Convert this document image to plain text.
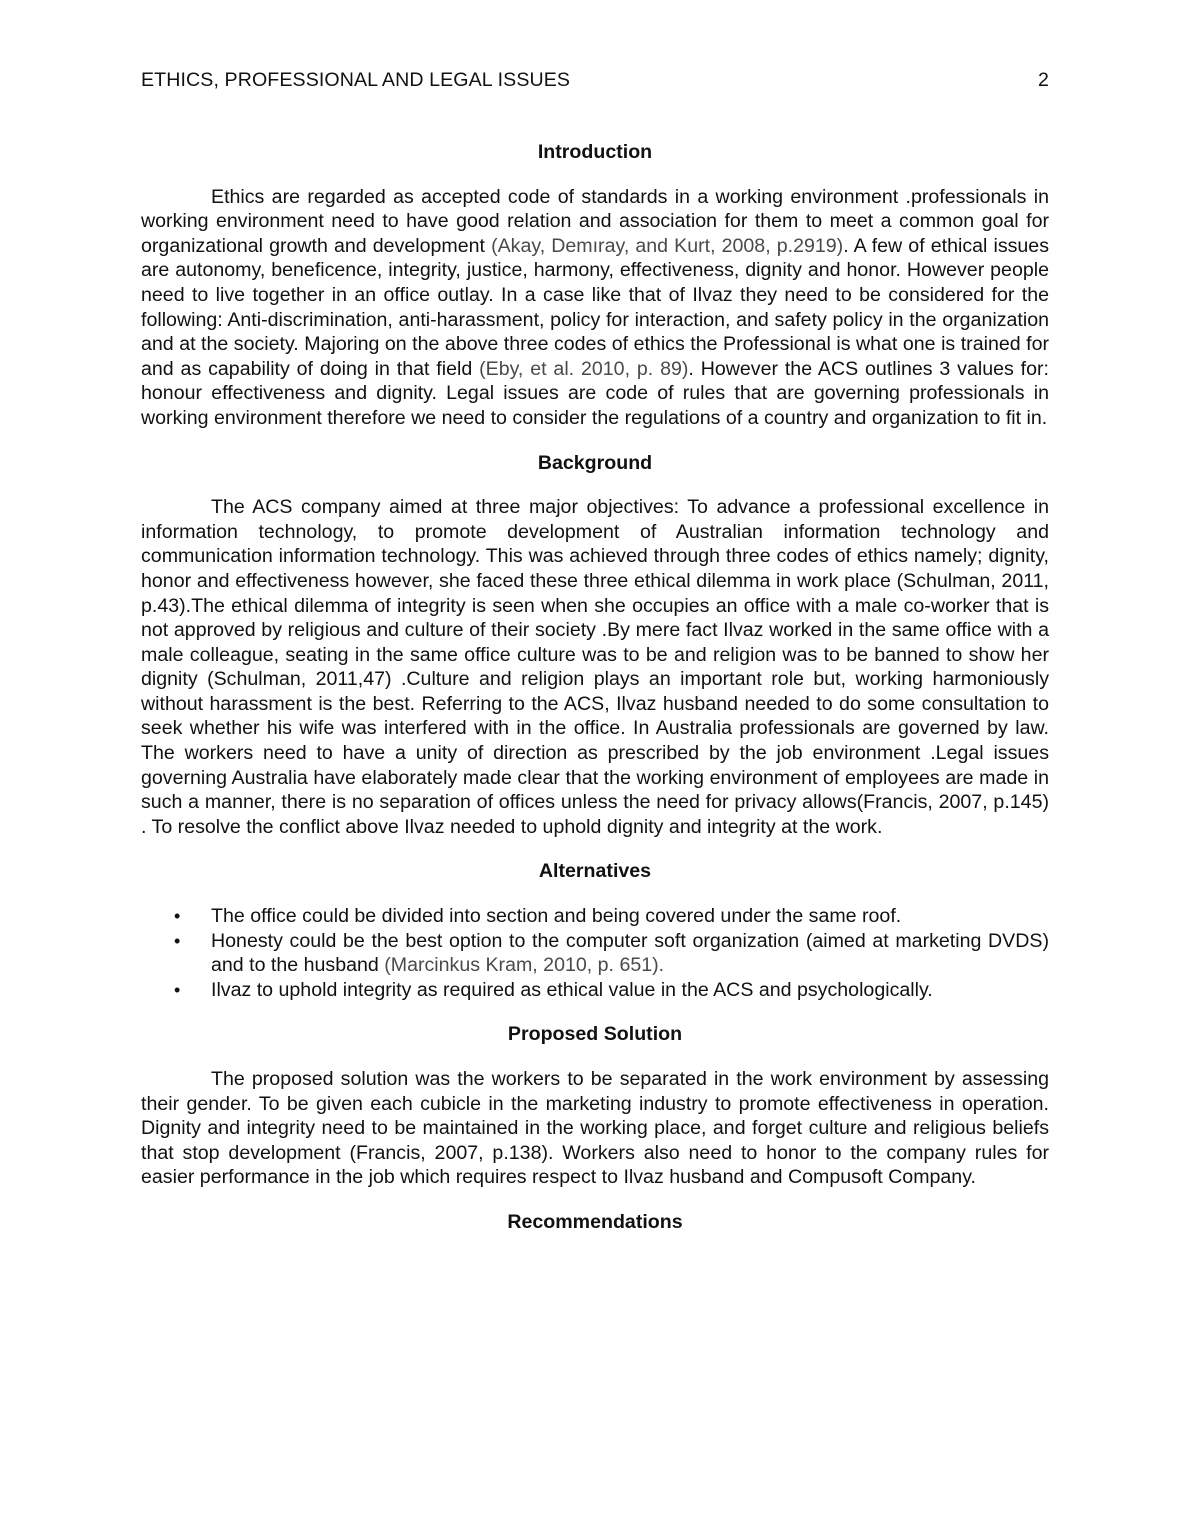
ETHICS, PROFESSIONAL AND LEGAL ISSUES	2
Introduction

Ethics are regarded as accepted code of standards in a working environment .professionals in working environment need to have good relation and association for them to meet a common goal for organizational growth and development (Akay, Demıray, and Kurt, 2008, p.2919). A few of ethical issues are autonomy, beneficence, integrity, justice, harmony, effectiveness, dignity and honor. However people need to live together in an office outlay. In a case like that of Ilvaz they need to be considered for the following: Anti-discrimination, anti-harassment, policy for interaction, and safety policy in the organization and at the society. Majoring on the above three codes of ethics the Professional is what one is trained for and as capability of doing in that field (Eby, et al. 2010, p. 89). However the ACS outlines 3 values for: honour effectiveness and dignity. Legal issues are code of rules that are governing professionals in working environment therefore we need to consider the regulations of a country and organization to fit in.

Background

The ACS company aimed at three major objectives: To advance a professional excellence in information technology, to promote development of Australian information technology and communication information technology. This was achieved through three codes of ethics namely; dignity, honor and effectiveness however, she faced these three ethical dilemma in work place (Schulman, 2011, p.43).The ethical dilemma of integrity is seen when she occupies an office with a male co-worker that is not approved by religious and culture of their society .By mere fact Ilvaz worked in the same office with a male colleague, seating in the same office culture was to be and religion was to be banned to show her dignity (Schulman, 2011,47) .Culture and religion plays an important role but, working harmoniously without harassment is the best. Referring to the ACS, Ilvaz husband needed to do some consultation to seek whether his wife was interfered with in the office. In Australia professionals are governed by law. The workers need to have a unity of direction as prescribed by the job environment .Legal issues governing Australia have elaborately made clear that the working environment of employees are made in such a manner, there is no separation of offices unless the need for privacy allows(Francis, 2007, p.145) . To resolve the conflict above Ilvaz needed to uphold dignity and integrity at the work.

Alternatives
• The office could be divided into section and being covered under the same roof.
• Honesty could be the best option to the computer soft organization (aimed at marketing DVDS) and to the husband (Marcinkus Kram, 2010, p. 651).
• Ilvaz to uphold integrity as required as ethical value in the ACS and psychologically.
Proposed Solution

The proposed solution was the workers to be separated in the work environment by assessing their gender. To be given each cubicle in the marketing industry to promote effectiveness in operation. Dignity and integrity need to be maintained in the working place, and forget culture and religious beliefs that stop development (Francis, 2007, p.138). Workers also need to honor to the company rules for easier performance in the job which requires respect to Ilvaz husband and Compusoft Company.

Recommendations
